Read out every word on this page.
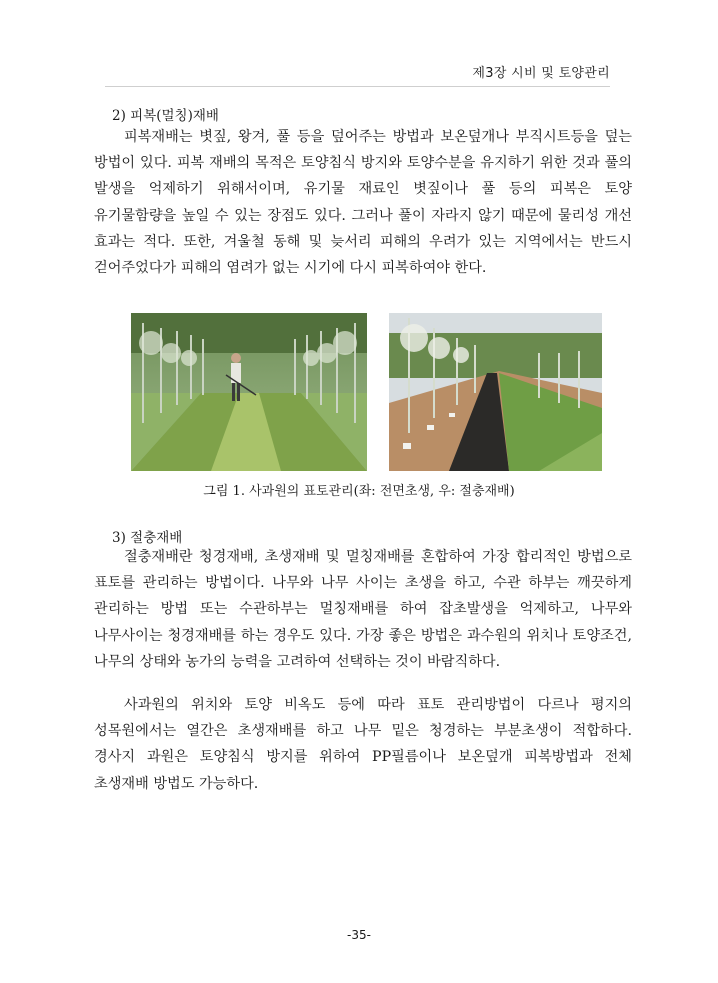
제3장 시비 및 토양관리
2) 피복(멀칭)재배

피복재배는 볏짚, 왕겨, 풀 등을 덮어주는 방법과 보온덮개나 부직시트등을 덮는 방법이 있다. 피복 재배의 목적은 토양침식 방지와 토양수분을 유지하기 위한 것과 풀의 발생을 억제하기 위해서이며, 유기물 재료인 볏짚이나 풀 등의 피복은 토양 유기물함량을 높일 수 있는 장점도 있다. 그러나 풀이 자라지 않기 때문에 물리성 개선 효과는 적다. 또한, 겨울철 동해 및 늦서리 피해의 우려가 있는 지역에서는 반드시 걷어주었다가 피해의 염려가 없는 시기에 다시 피복하여야 한다.

그림 1. 사과원의 표토관리(좌: 전면초생, 우: 절충재배)
3) 절충재배

절충재배란 청경재배, 초생재배 및 멀칭재배를 혼합하여 가장 합리적인 방법으로 표토를 관리하는 방법이다. 나무와 나무 사이는 초생을 하고, 수관 하부는 깨끗하게 관리하는 방법 또는 수관하부는 멀칭재배를 하여 잡초발생을 억제하고, 나무와 나무사이는 청경재배를 하는 경우도 있다. 가장 좋은 방법은 과수원의 위치나 토양조건, 나무의 상태와 농가의 능력을 고려하여 선택하는 것이 바람직하다.

사과원의 위치와 토양 비옥도 등에 따라 표토 관리방법이 다르나 평지의 성목원에서는 열간은 초생재배를 하고 나무 밑은 청경하는 부분초생이 적합하다. 경사지 과원은 토양침식 방지를 위하여 PP필름이나 보온덮개 피복방법과 전체 초생재배 방법도 가능하다.

-35-
